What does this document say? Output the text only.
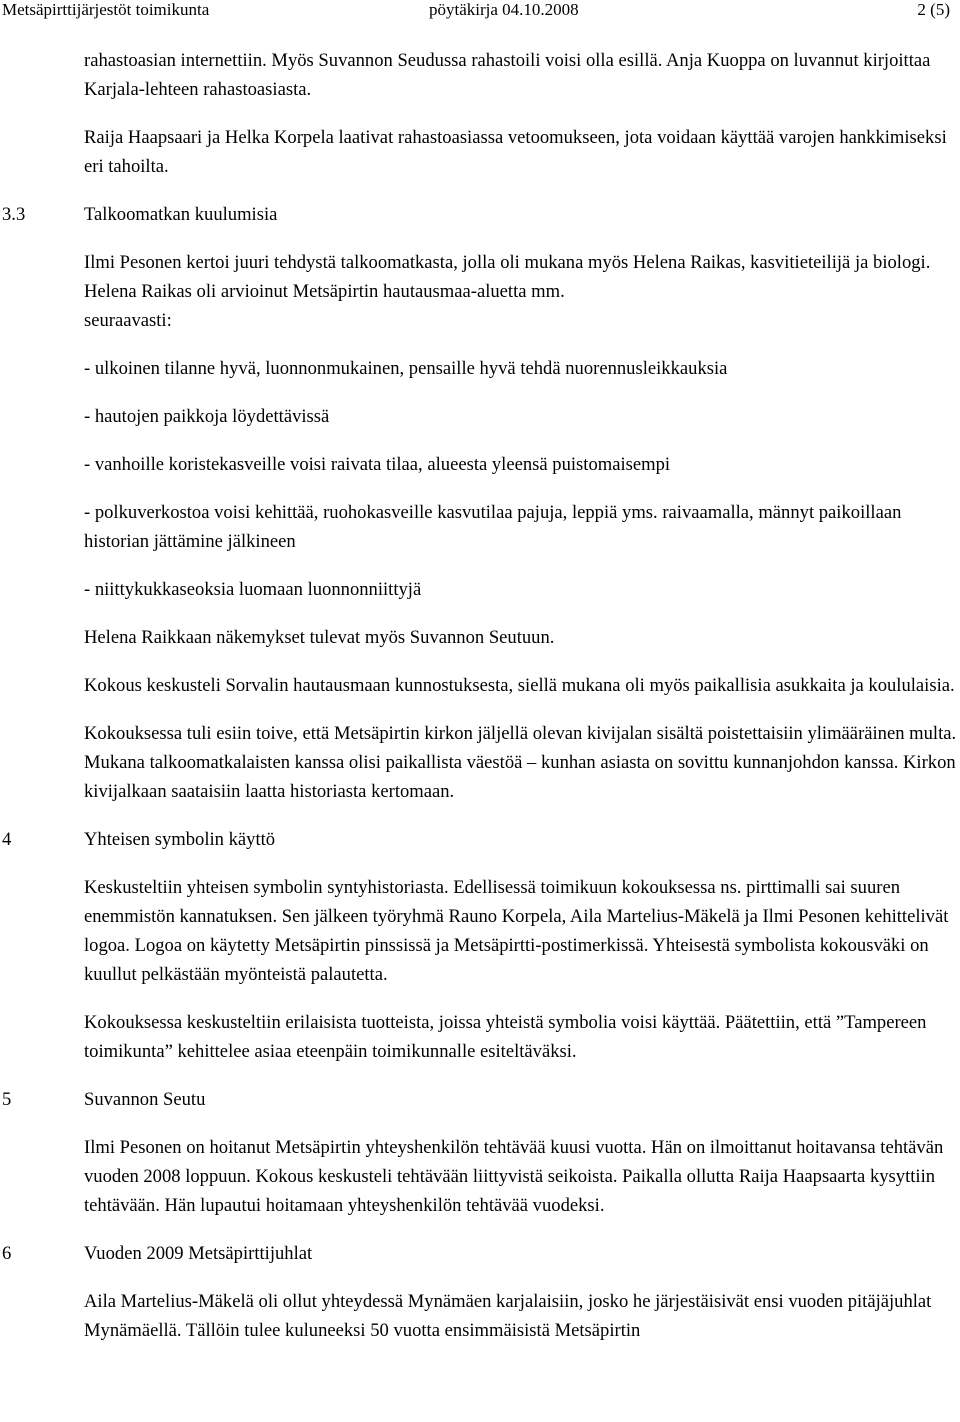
Metsäpirttijärjestöt toimikunta	pöytäkirja 04.10.2008	2 (5)

rahastoasian internettiin. Myös Suvannon Seudussa rahastoili voisi olla esillä. Anja Kuoppa on luvannut kirjoittaa Karjala-lehteen rahastoasiasta.

Raija Haapsaari ja Helka Korpela laativat rahastoasiassa vetoomukseen, jota voidaan käyttää varojen hankkimiseksi eri tahoilta.

3.3	Talkoomatkan kuulumisia

Ilmi Pesonen kertoi juuri tehdystä talkoomatkasta, jolla oli mukana myös Helena Raikas, kasvitieteilijä ja biologi. Helena Raikas oli arvioinut Metsäpirtin hautausmaa-aluetta mm.

seuraavasti:

- ulkoinen tilanne hyvä, luonnonmukainen, pensaille hyvä tehdä nuorennusleikkauksia

- hautojen paikkoja löydettävissä

- vanhoille koristekasveille voisi raivata tilaa, alueesta yleensä puistomaisempi

- polkuverkostoa voisi kehittää, ruohokasveille kasvutilaa pajuja, leppiä yms. raivaamalla, männyt paikoillaan historian jättämine jälkineen

- niittykukkaseoksia luomaan luonnonniittyjä

Helena Raikkaan näkemykset tulevat myös Suvannon Seutuun.

Kokous keskusteli Sorvalin hautausmaan kunnostuksesta, siellä mukana oli myös paikallisia asukkaita ja koululaisia.

Kokouksessa tuli esiin toive, että Metsäpirtin kirkon jäljellä olevan kivijalan sisältä poistettaisiin ylimääräinen multa. Mukana talkoomatkalaisten kanssa olisi paikallista väestöä – kunhan asiasta on sovittu kunnanjohdon kanssa. Kirkon kivijalkaan saataisiin laatta historiasta kertomaan.

4	Yhteisen symbolin käyttö

Keskusteltiin yhteisen symbolin syntyhistoriasta. Edellisessä toimikuun kokouksessa ns. pirttimalli sai suuren enemmistön kannatuksen. Sen jälkeen työryhmä Rauno Korpela, Aila Martelius-Mäkelä ja Ilmi Pesonen kehittelivät logoa. Logoa on käytetty Metsäpirtin pinssissä ja Metsäpirtti-postimerkissä. Yhteisestä symbolista kokousväki on kuullut pelkästään myönteistä palautetta.

Kokouksessa keskusteltiin erilaisista tuotteista, joissa yhteistä symbolia voisi käyttää. Päätettiin, että ”Tampereen toimikunta” kehittelee asiaa eteenpäin toimikunnalle esiteltäväksi.

5	Suvannon Seutu

Ilmi Pesonen on hoitanut Metsäpirtin yhteyshenkilön tehtävää kuusi vuotta. Hän on ilmoittanut hoitavansa tehtävän vuoden 2008 loppuun. Kokous keskusteli tehtävään liittyvistä seikoista. Paikalla ollutta Raija Haapsaarta kysyttiin tehtävään. Hän lupautui hoitamaan yhteyshenkilön tehtävää vuodeksi.

6	Vuoden 2009 Metsäpirttijuhlat

Aila Martelius-Mäkelä oli ollut yhteydessä Mynämäen karjalaisiin, josko he järjestäisivät ensi vuoden pitäjäjuhlat Mynämäellä. Tällöin tulee kuluneeksi 50 vuotta ensimmäisistä Metsäpirtin
